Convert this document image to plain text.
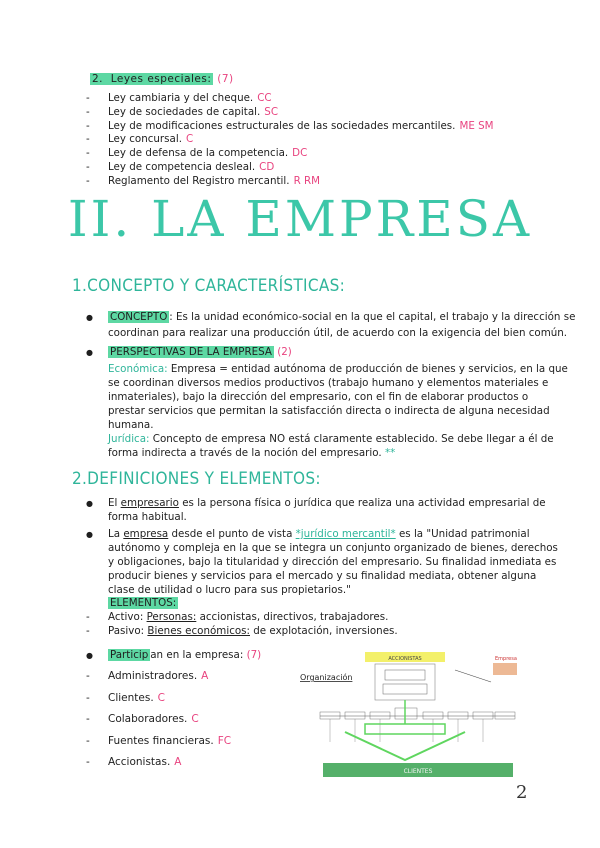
2. Leyes especiales: (7)
- Ley cambiaria y del cheque. CC
- Ley de sociedades de capital. SC
- Ley de modificaciones estructurales de las sociedades mercantiles. ME SM
- Ley concursal. C
- Ley de defensa de la competencia. DC
- Ley de competencia desleal. CD
- Reglamento del Registro mercantil. R RM
II. LA EMPRESA
1.CONCEPTO Y CARACTERÍSTICAS:
● CONCEPTO : Es la unidad económico-social en la que el capital, el trabajo y la dirección se
coordinan para realizar una producción útil, de acuerdo con la exigencia del bien común.
● PERSPECTIVAS DE LA EMPRESA (2)
Económica: Empresa = entidad autónoma de producción de bienes y servicios, en la que
se coordinan diversos medios productivos (trabajo humano y elementos materiales e
inmateriales), bajo la dirección del empresario, con el fin de elaborar productos o
prestar servicios que permitan la satisfacción directa o indirecta de alguna necesidad
humana.
Jurídica: Concepto de empresa NO está claramente establecido. Se debe llegar a él de
forma indirecta a través de la noción del empresario. **
2.DEFINICIONES Y ELEMENTOS:
● El empresario es la persona física o jurídica que realiza una actividad empresarial de
forma habitual.
● La empresa desde el punto de vista *jurídico mercantil* es la "Unidad patrimonial
autónomo y compleja en la que se integra un conjunto organizado de bienes, derechos
y obligaciones, bajo la titularidad y dirección del empresario. Su finalidad inmediata es
producir bienes y servicios para el mercado y su finalidad mediata, obtener alguna
clase de utilidad o lucro para sus propietarios."
ELEMENTOS:
- Activo: Personas: accionistas, directivos, trabajadores.
- Pasivo: Bienes económicos: de explotación, inversiones.
● Particip an en la empresa: (7)
- Administradores. A
- Clientes. C
- Colaboradores. C
- Fuentes financieras. FC
- Accionistas. A
ACCIONISTAS
Organización
Empresa
CLIENTES
2
